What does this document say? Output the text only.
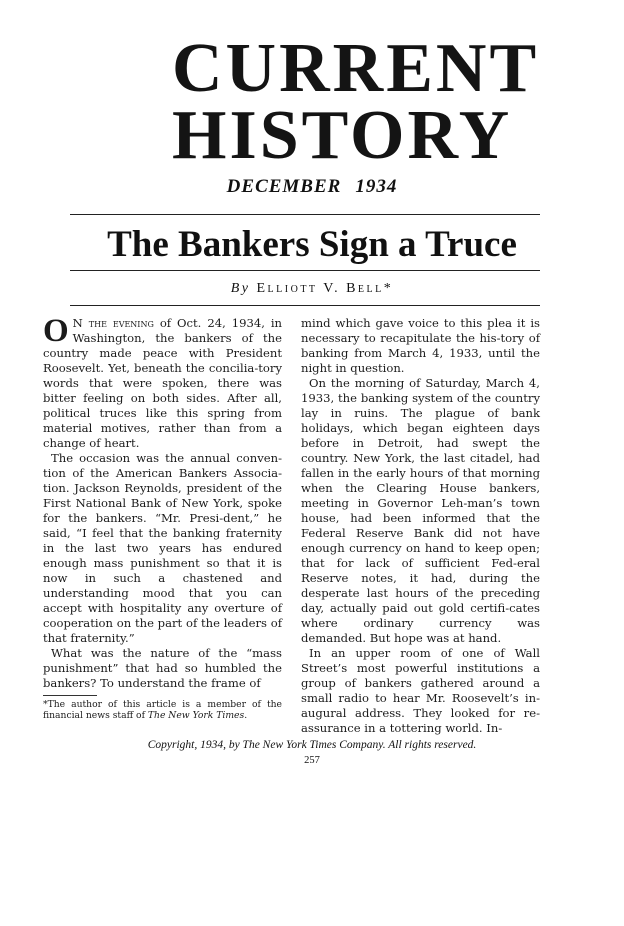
CURRENT
HISTORY
DECEMBER 1934
The Bankers Sign a Truce
By Elliott V. Bell*

O N the evening of Oct. 24, 1934, in Washington, the bankers of the country made peace with President Roosevelt. Yet, beneath the concilia-tory words that were spoken, there was bitter feeling on both sides. After all, political truces like this spring from material motives, rather than from a change of heart.

The occasion was the annual conven-tion of the American Bankers Associa-tion. Jackson Reynolds, president of the First National Bank of New York, spoke for the bankers. “Mr. Presi-dent,” he said, “I feel that the banking fraternity in the last two years has endured enough mass punishment so that it is now in such a chastened and understanding mood that you can accept with hospitality any overture of cooperation on the part of the leaders of that fraternity.”

What was the nature of the “mass punishment” that had so humbled the bankers? To understand the frame of

*The author of this article is a member of the financial news staff of The New York Times.

mind which gave voice to this plea it is necessary to recapitulate the his-tory of banking from March 4, 1933, until the night in question.

On the morning of Saturday, March 4, 1933, the banking system of the country lay in ruins. The plague of bank holidays, which began eighteen days before in Detroit, had swept the country. New York, the last citadel, had fallen in the early hours of that morning when the Clearing House bankers, meeting in Governor Leh-man’s town house, had been informed that the Federal Reserve Bank did not have enough currency on hand to keep open; that for lack of sufficient Fed-eral Reserve notes, it had, during the desperate last hours of the preceding day, actually paid out gold certifi-cates where ordinary currency was demanded. But hope was at hand.

In an upper room of one of Wall Street’s most powerful institutions a group of bankers gathered around a small radio to hear Mr. Roosevelt’s in-augural address. They looked for re-assurance in a tottering world. In-

Copyright, 1934, by The New York Times Company. All rights reserved.
257
